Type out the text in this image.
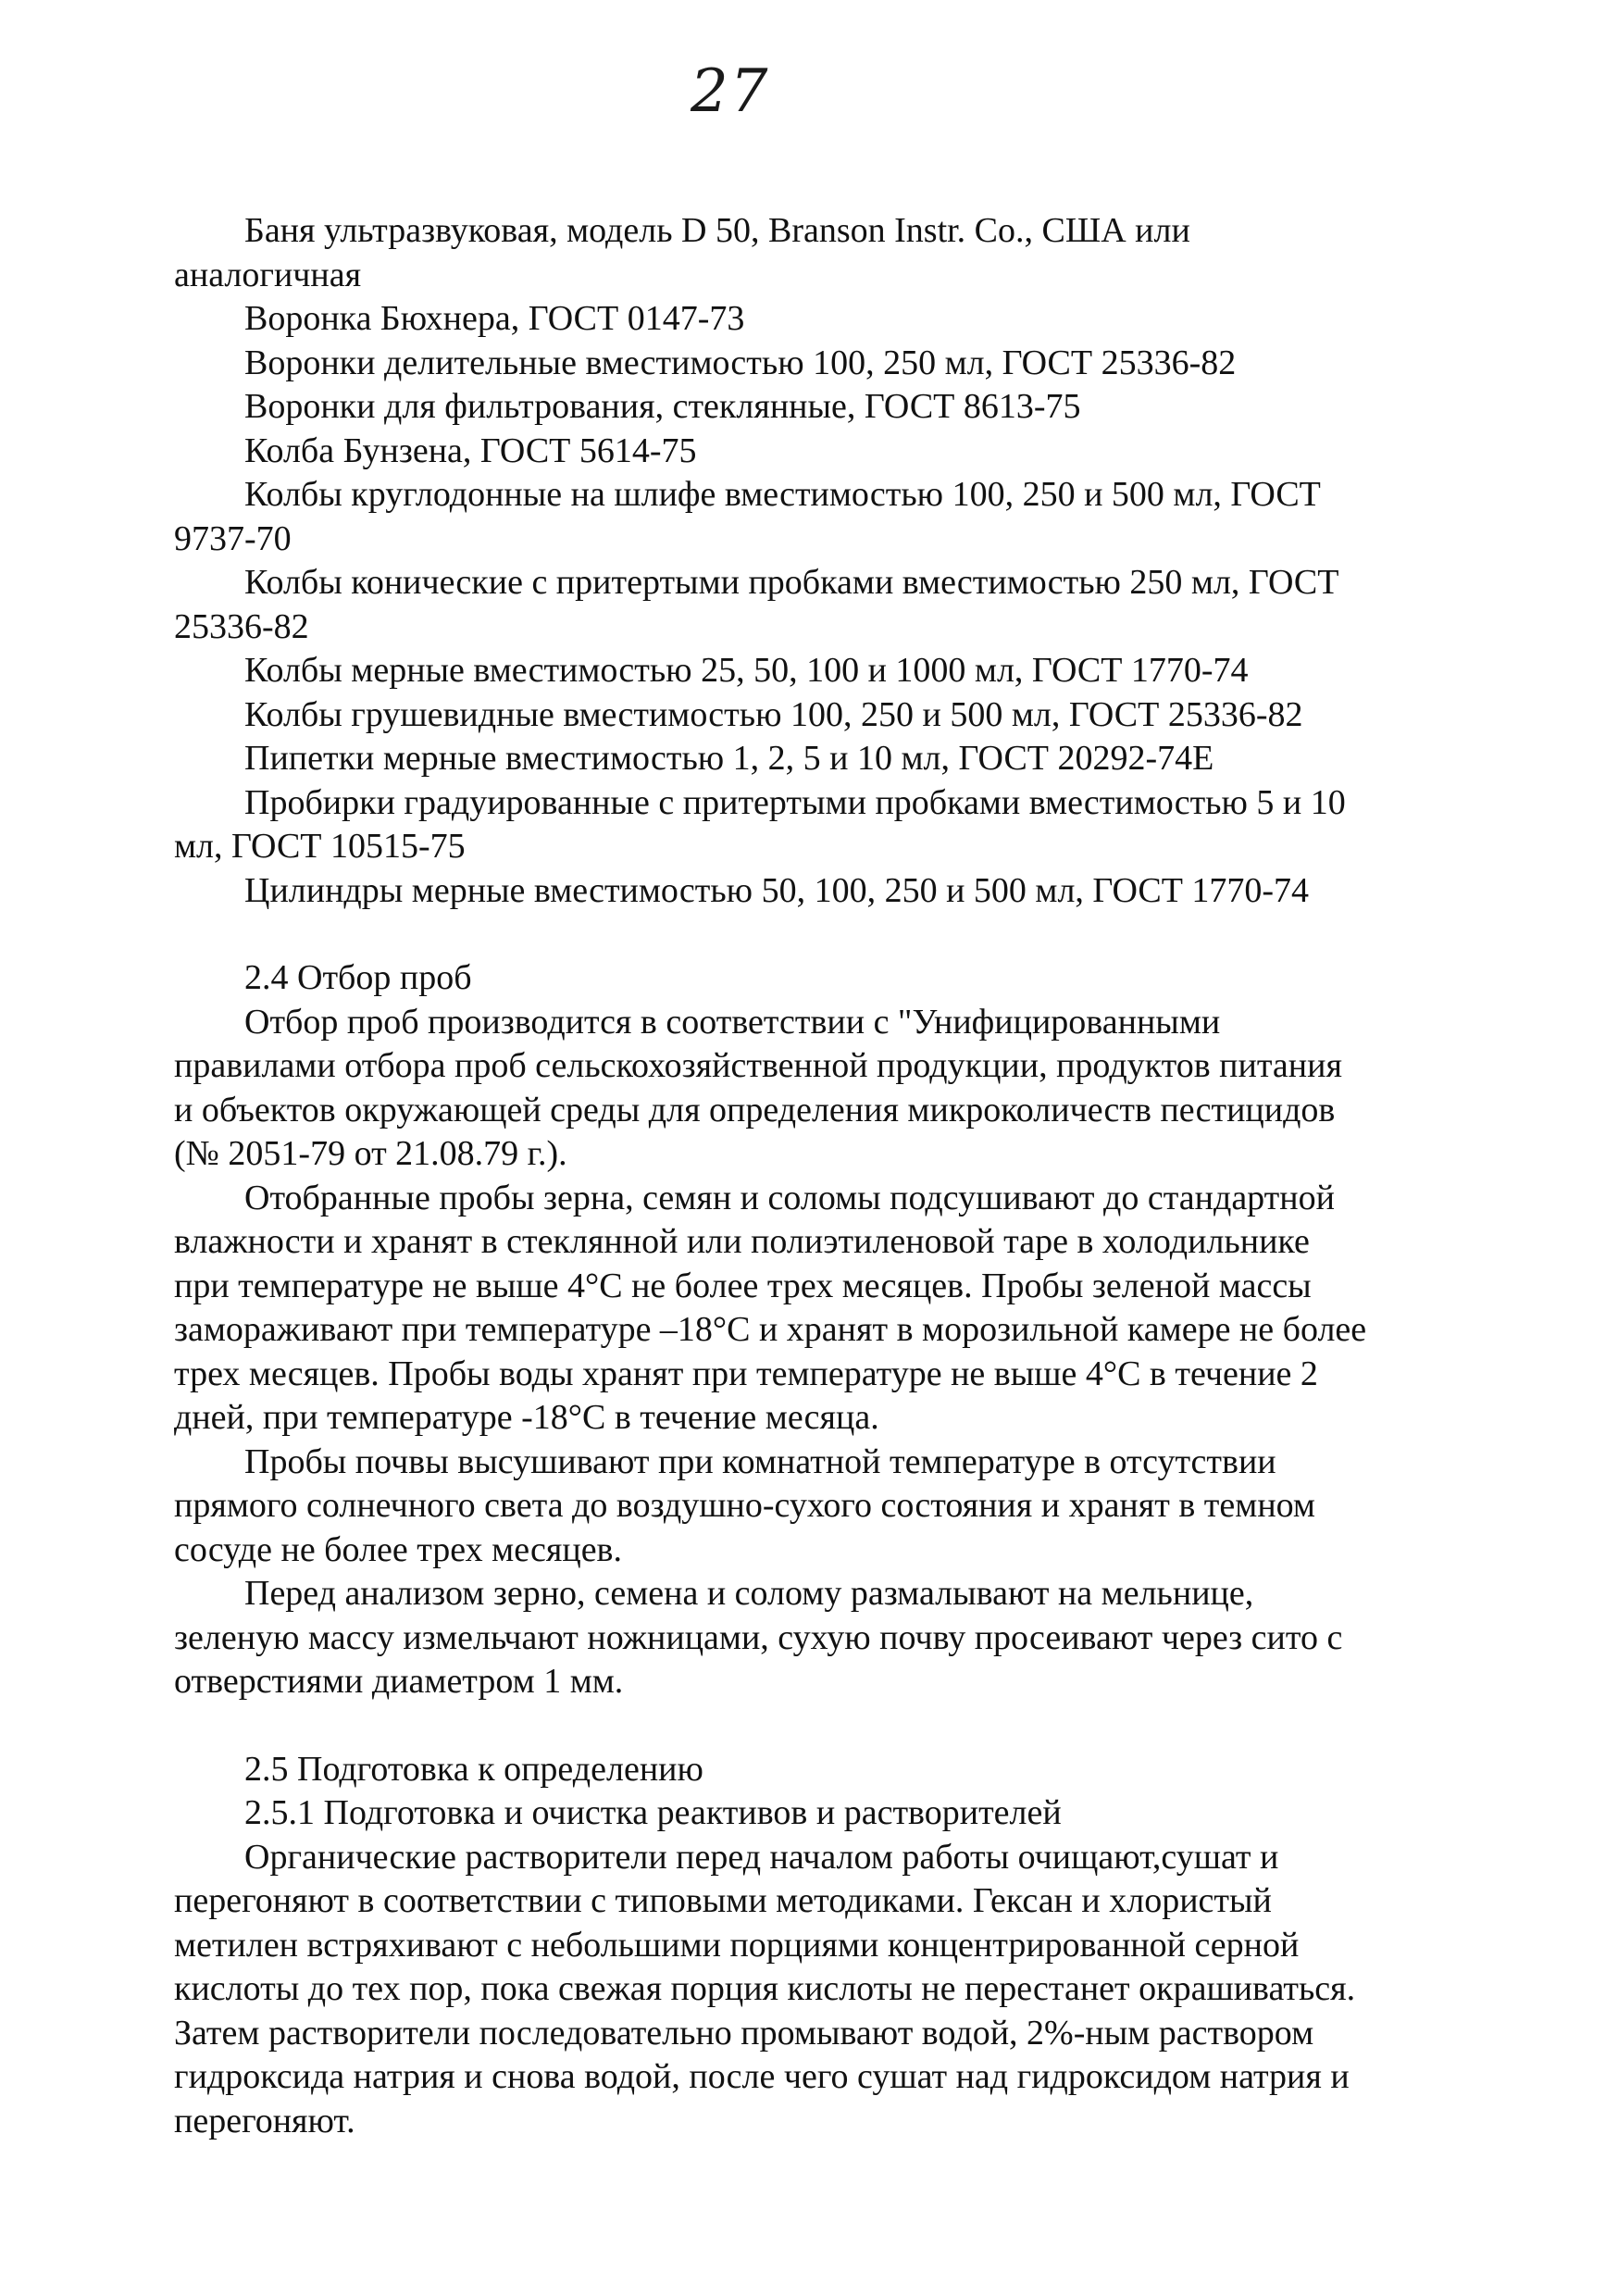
27
Баня ультразвуковая, модель D 50, Branson Instr. Co., США или
аналогичная
Воронка Бюхнера, ГОСТ 0147-73
Воронки делительные вместимостью 100, 250 мл, ГОСТ 25336-82
Воронки для фильтрования, стеклянные, ГОСТ 8613-75
Колба Бунзена, ГОСТ 5614-75
Колбы круглодонные на шлифе вместимостью 100, 250 и 500 мл, ГОСТ
9737-70
Колбы конические с притертыми пробками вместимостью 250 мл, ГОСТ
25336-82
Колбы мерные вместимостью 25, 50, 100 и 1000 мл, ГОСТ 1770-74
Колбы грушевидные вместимостью 100, 250 и 500 мл, ГОСТ 25336-82
Пипетки мерные вместимостью 1, 2, 5 и 10 мл, ГОСТ 20292-74Е
Пробирки градуированные с притертыми пробками вместимостью 5 и 10
мл, ГОСТ 10515-75
Цилиндры мерные вместимостью 50, 100, 250 и 500 мл, ГОСТ 1770-74
2.4 Отбор проб
Отбор проб производится в соответствии с "Унифицированными
правилами отбора проб сельскохозяйственной продукции, продуктов питания
и объектов окружающей среды для определения микроколичеств пестицидов
(№ 2051-79 от 21.08.79 г.).
Отобранные пробы зерна, семян и соломы подсушивают до стандартной
влажности и хранят в стеклянной или полиэтиленовой таре в холодильнике
при температуре не выше 4°С не более трех месяцев. Пробы зеленой массы
замораживают при температуре –18°С и хранят в морозильной камере не более
трех месяцев. Пробы воды хранят при температуре не выше 4°С в течение 2
дней, при температуре -18°С в течение месяца.
Пробы почвы высушивают при комнатной температуре в отсутствии
прямого солнечного света до воздушно-сухого состояния и хранят в темном
сосуде не более трех месяцев.
Перед анализом зерно, семена и солому размалывают на мельнице,
зеленую массу измельчают ножницами, сухую почву просеивают через сито с
отверстиями диаметром 1 мм.
2.5 Подготовка к определению
2.5.1 Подготовка и очистка реактивов и растворителей
Органические растворители перед началом работы очищают,сушат и
перегоняют в соответствии с типовыми методиками. Гексан и хлористый
метилен встряхивают с небольшими порциями концентрированной серной
кислоты до тех пор, пока свежая порция кислоты не перестанет окрашиваться.
Затем растворители последовательно промывают водой, 2%-ным раствором
гидроксида натрия и снова водой, после чего сушат над гидроксидом натрия и
перегоняют.
